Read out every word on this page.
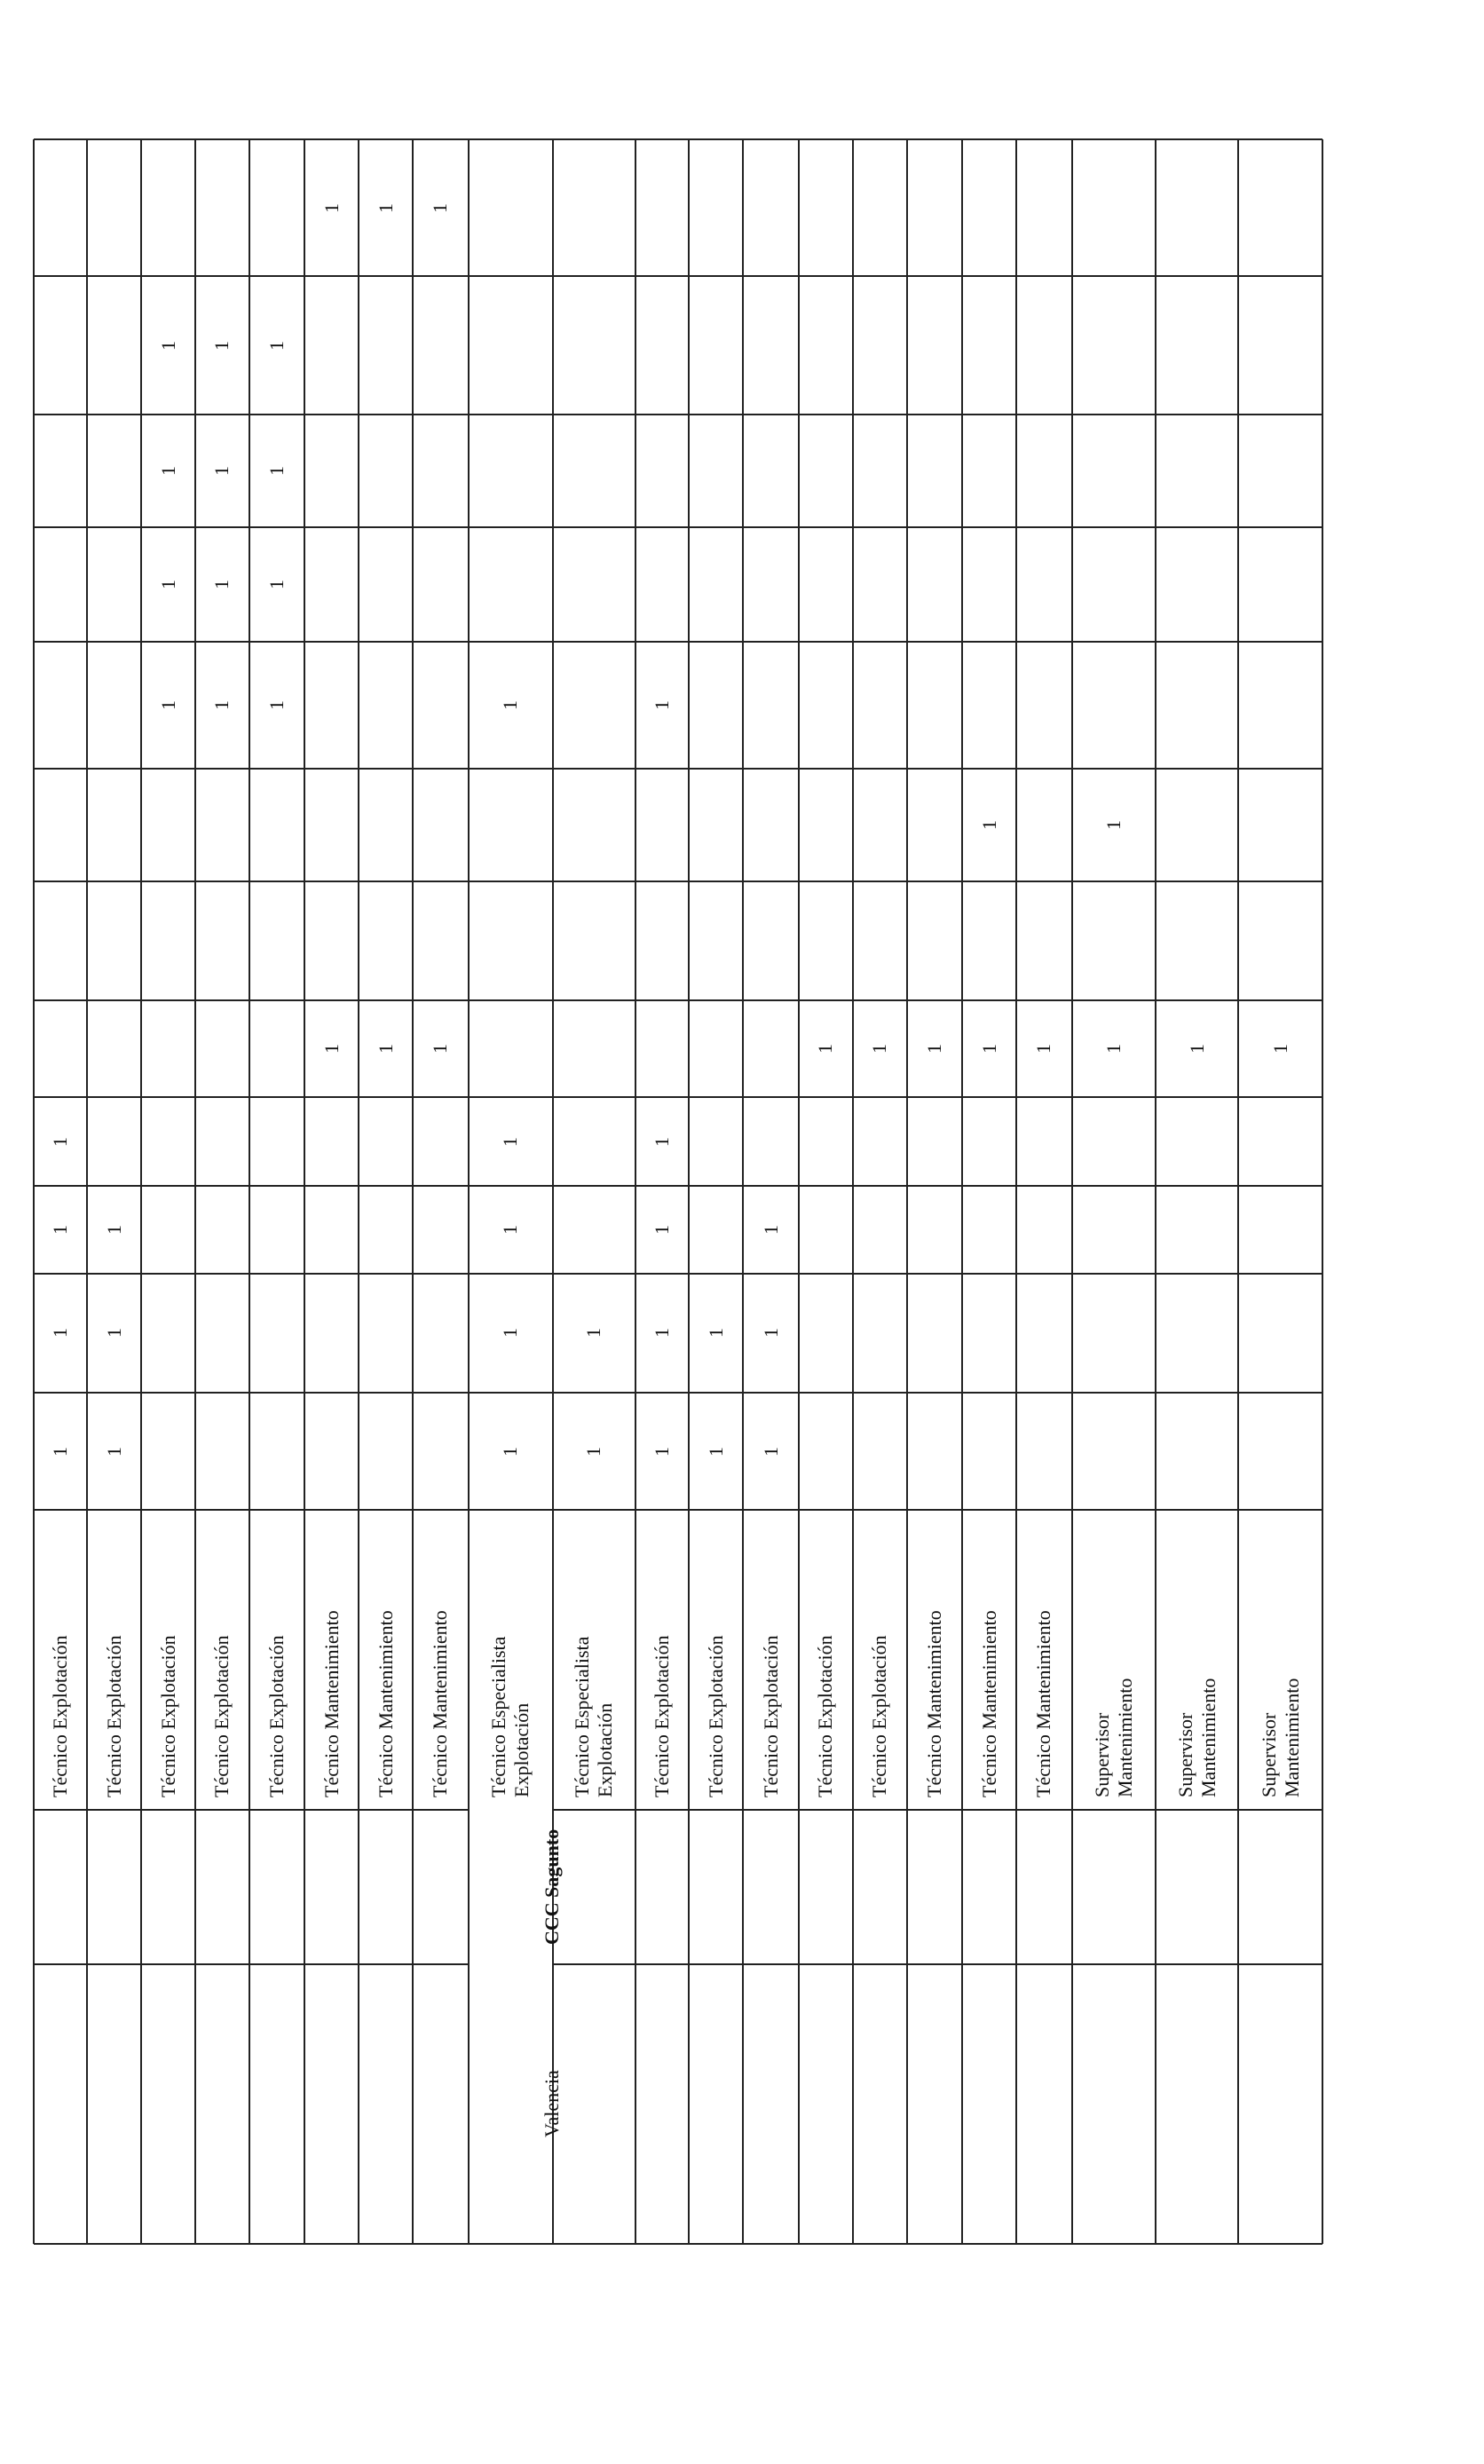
Técnico Explotación
1
1
1
1
Técnico Explotación
1
1
1
Técnico Explotación
1
1
1
1
Técnico Explotación
1
1
1
1
Técnico Explotación
1
1
1
1
Técnico Mantenimiento
1
1
Técnico Mantenimiento
1
1
Técnico Mantenimiento
1
1
Técnico Especialista
Explotación
1
1
1
1
1
Técnico Especialista
Explotación
1
1
Técnico Explotación
1
1
1
1
1
Técnico Explotación
1
1
Técnico Explotación
1
1
1
Técnico Explotación
1
Técnico Explotación
1
Técnico Mantenimiento
1
Técnico Mantenimiento
1
1
Técnico Mantenimiento
1
Supervisor
Mantenimiento
1
1
Supervisor
Mantenimiento
1
Supervisor
Mantenimiento
1
CCC Sagunto
Valencia
